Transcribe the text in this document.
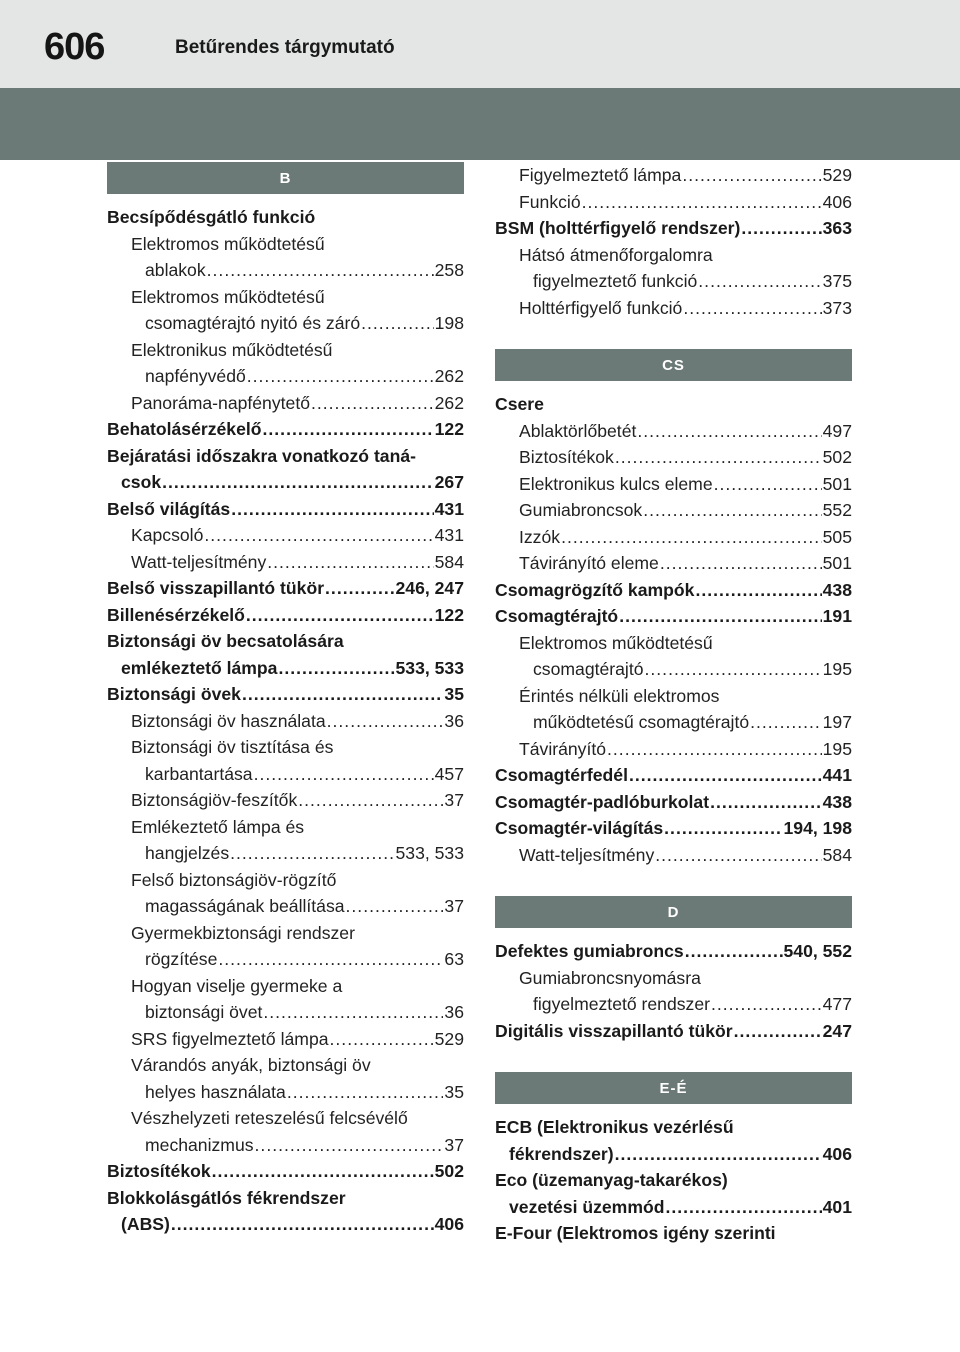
606	Betűrendes tárgymutató
B
Becsípődésgátló funkció
Elektromos működtetésű
ablakok .....	258
Elektromos működtetésű
csomagtérajtó nyitó és záró .....	198
Elektronikus működtetésű
napfényvédő .....	262
Panoráma-napfénytető .....	262
Behatolásérzékelő .....	122
Bejáratási időszakra vonatkozó taná-
csok .....	267
Belső világítás .....	431
Kapcsoló .....	431
Watt-teljesítmény .....	584
Belső visszapillantó tükör .....	246, 247
Billenésérzékelő .....	122
Biztonsági öv becsatolására
emlékeztető lámpa .....	533, 533
Biztonsági övek .....	35
Biztonsági öv használata .....	36
Biztonsági öv tisztítása és
karbantartása .....	457
Biztonságiöv-feszítők .....	37
Emlékeztető lámpa és
hangjelzés .....	533, 533
Felső biztonságiöv-rögzítő
magasságának beállítása .....	37
Gyermekbiztonsági rendszer
rögzítése .....	63
Hogyan viselje gyermeke a
biztonsági övet .....	36
SRS figyelmeztető lámpa .....	529
Várandós anyák, biztonsági öv
helyes használata .....	35
Vészhelyzeti reteszelésű felcsévélő
mechanizmus .....	37
Biztosítékok .....	502
Blokkolásgátlós fékrendszer
(ABS) .....	406
Figyelmeztető lámpa .....	529
Funkció .....	406
BSM (holttérfigyelő rendszer) .....	363
Hátsó átmenőforgalomra
figyelmeztető funkció .....	375
Holttérfigyelő funkció .....	373
CS
Csere
Ablaktörlőbetét .....	497
Biztosítékok .....	502
Elektronikus kulcs eleme .....	501
Gumiabroncsok .....	552
Izzók .....	505
Távirányító eleme .....	501
Csomagrögzítő kampók .....	438
Csomagtérajtó .....	191
Elektromos működtetésű
csomagtérajtó .....	195
Érintés nélküli elektromos
működtetésű csomagtérajtó .....	197
Távirányító .....	195
Csomagtérfedél .....	441
Csomagtér-padlóburkolat .....	438
Csomagtér-világítás .....	194, 198
Watt-teljesítmény .....	584
D
Defektes gumiabroncs .....	540, 552
Gumiabroncsnyomásra
figyelmeztető rendszer .....	477
Digitális visszapillantó tükör .....	247
E-É
ECB (Elektronikus vezérlésű
fékrendszer) .....	406
Eco (üzemanyag-takarékos)
vezetési üzemmód .....	401
E-Four (Elektromos igény szerinti
